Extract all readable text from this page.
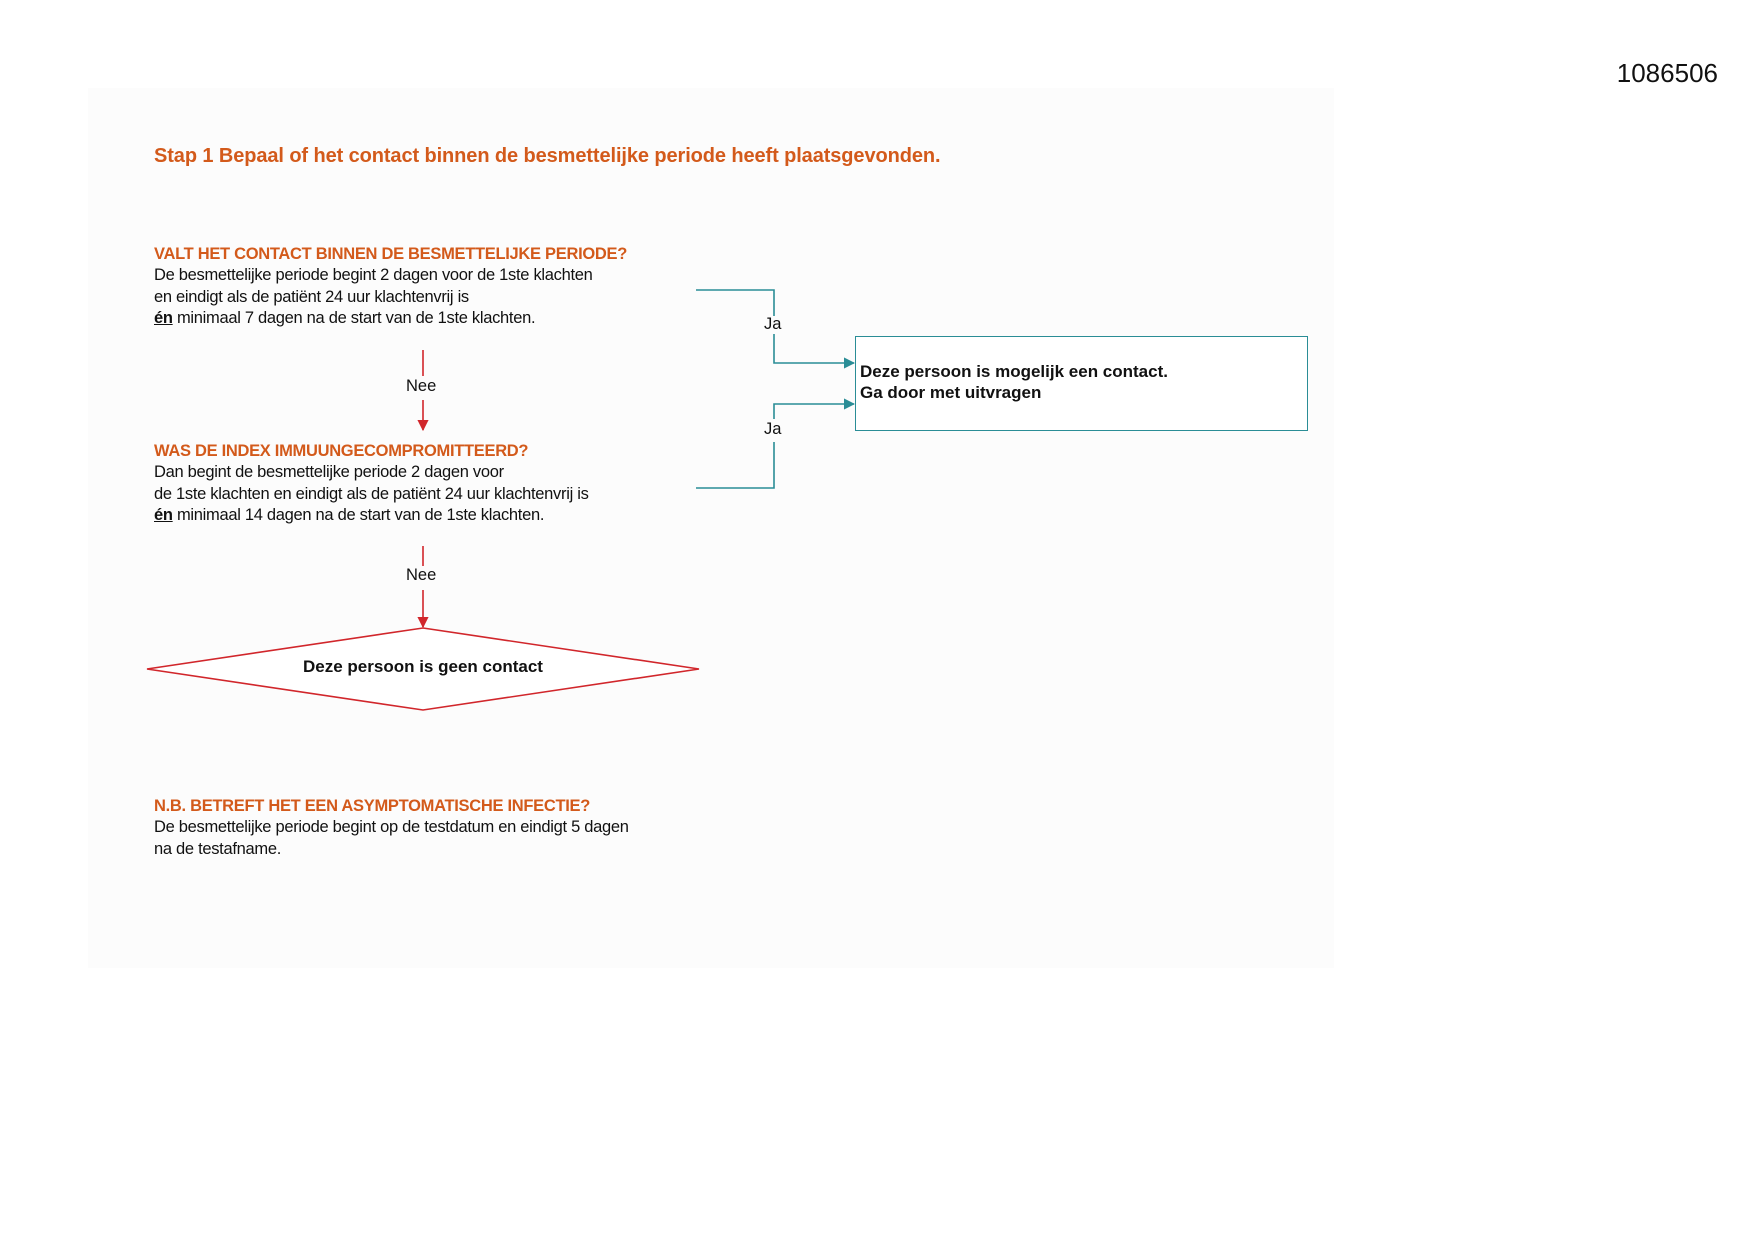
1086506

Stap 1 Bepaal of het contact binnen de besmettelijke periode heeft plaatsgevonden.

VALT HET CONTACT BINNEN DE BESMETTELIJKE PERIODE?

De besmettelijke periode begint 2 dagen voor de 1ste klachten
en eindigt als de patiënt 24 uur klachtenvrij is
én minimaal 7 dagen na de start van de 1ste klachten.

WAS DE INDEX IMMUUNGECOMPROMITTEERD?

Dan begint de besmettelijke periode 2 dagen voor
de 1ste klachten en eindigt als de patiënt 24 uur klachtenvrij is
én minimaal 14 dagen na de start van de 1ste klachten.

N.B. BETREFT HET EEN ASYMPTOMATISCHE INFECTIE?

De besmettelijke periode begint op de testdatum en eindigt 5 dagen
na de testafname.

Nee
Nee
Ja
Ja
Deze persoon is mogelijk een contact.
Ga door met uitvragen

Deze persoon is geen contact
